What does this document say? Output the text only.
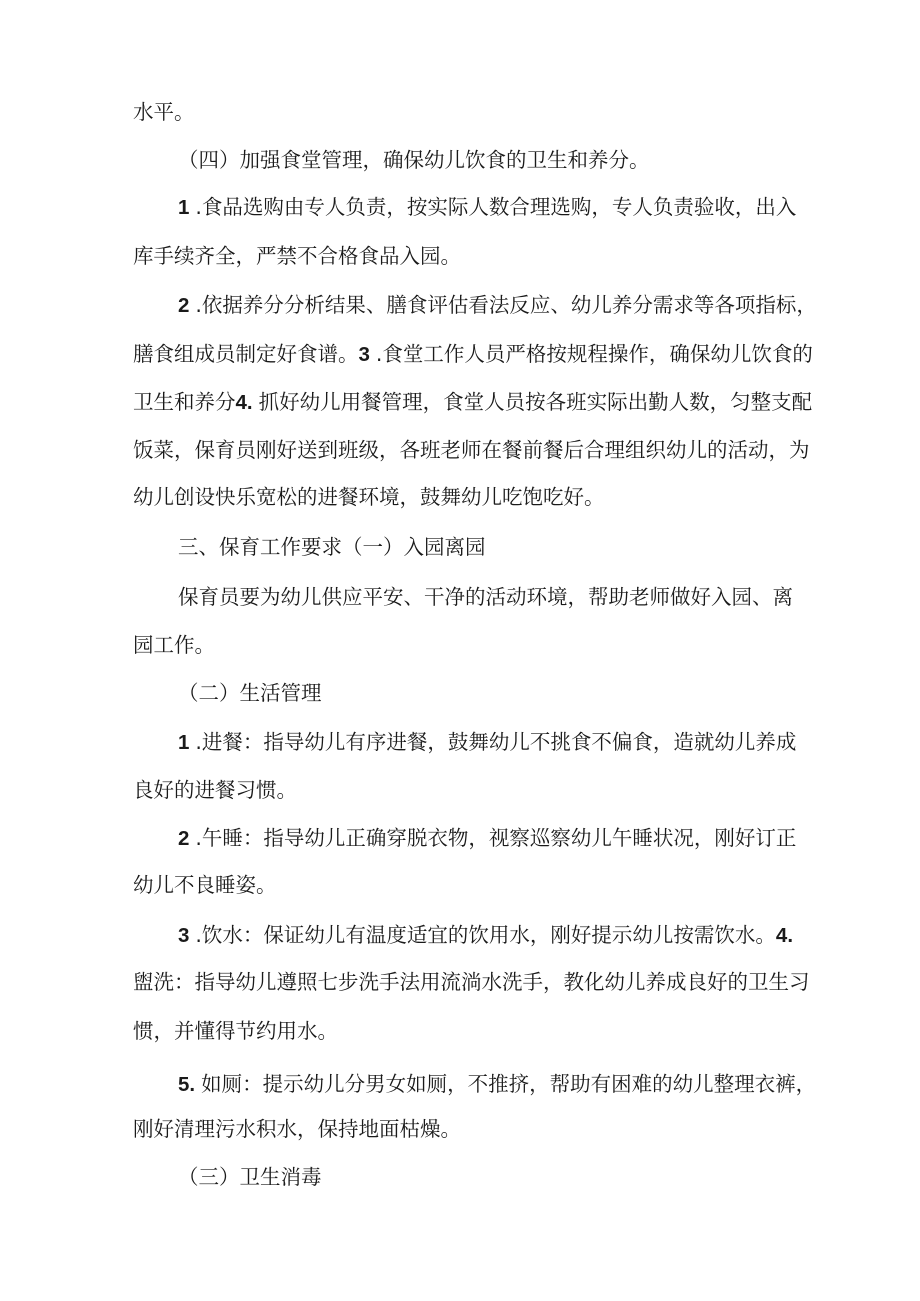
水平。
（四）加强食堂管理，确保幼儿饮食的卫生和养分。
1 .食品选购由专人负责，按实际人数合理选购，专人负责验收，出入
库手续齐全，严禁不合格食品入园。
2 .依据养分分析结果、膳食评估看法反应、幼儿养分需求等各项指标，
膳食组成员制定好食谱。3 .食堂工作人员严格按规程操作，确保幼儿饮食的
卫生和养分4. 抓好幼儿用餐管理，食堂人员按各班实际出勤人数，匀整支配
饭菜，保育员刚好送到班级，各班老师在餐前餐后合理组织幼儿的活动，为
幼儿创设快乐宽松的进餐环境，鼓舞幼儿吃饱吃好。
三、保育工作要求（一）入园离园
保育员要为幼儿供应平安、干净的活动环境，帮助老师做好入园、离
园工作。
（二）生活管理
1 .进餐：指导幼儿有序进餐，鼓舞幼儿不挑食不偏食，造就幼儿养成
良好的进餐习惯。
2 .午睡：指导幼儿正确穿脱衣物，视察巡察幼儿午睡状况，刚好订正
幼儿不良睡姿。
3 .饮水：保证幼儿有温度适宜的饮用水，刚好提示幼儿按需饮水。4.
盥洗：指导幼儿遵照七步洗手法用流淌水洗手，教化幼儿养成良好的卫生习
惯，并懂得节约用水。
5. 如厕：提示幼儿分男女如厕，不推挤，帮助有困难的幼儿整理衣裤，
刚好清理污水积水，保持地面枯燥。
（三）卫生消毒
